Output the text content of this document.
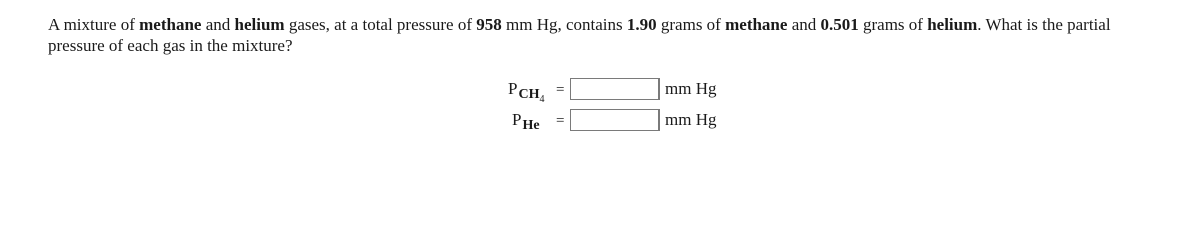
A mixture of methane and helium gases, at a total pressure of 958 mm Hg, contains 1.90 grams of methane and 0.501 grams of helium. What is the partial pressure of each gas in the mixture?
$P_{CH4}$
=	mm Hg
$P_{He}$ =	mm Hg
